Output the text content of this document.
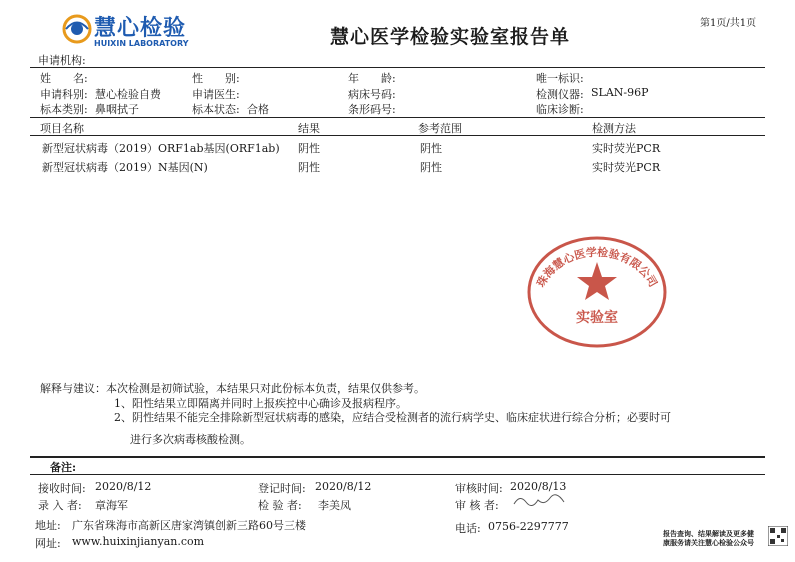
慧心检验
HUIXIN LABORATORY	慧心医学检验实验室报告单
第1页/共1页
申请机构:
姓　　名:	性　　别:	年　　龄:	唯一标识:
申请科别: 慧心检验自费	申请医生:	病床号码:	检测仪器: SLAN-96P
标本类别: 鼻咽拭子	标本状态: 合格	条形码号:	临床诊断:
项目名称	结果	参考范围	检测方法
新型冠状病毒（2019）ORF1ab基因(ORF1ab) 阴性	阴性	实时荧光PCR
新型冠状病毒（2019）N基因(N)	阴性	阴性	实时荧光PCR
珠海慧心医学检验有限公司
实验室
解释与建议：本次检测是初筛试验，本结果只对此份标本负责，结果仅供参考。
1、阳性结果立即隔离并同时上报疾控中心确诊及报病程序。
2、阴性结果不能完全排除新型冠状病毒的感染，应结合受检测者的流行病学史、临床症状进行综合分析；必要时可
进行多次病毒核酸检测。
备注:
接收时间: 2020/8/12	登记时间: 2020/8/12	审核时间: 2020/8/13
录 入 者: 章海军	检 验 者: 李美凤	审 核 者:
地址: 广东省珠海市高新区唐家湾镇创新三路60号三楼	电话: 0756-2297777
网址: www.huixinjianyan.com
报告查询、结果解读及更多健
康服务请关注慧心检验公众号
